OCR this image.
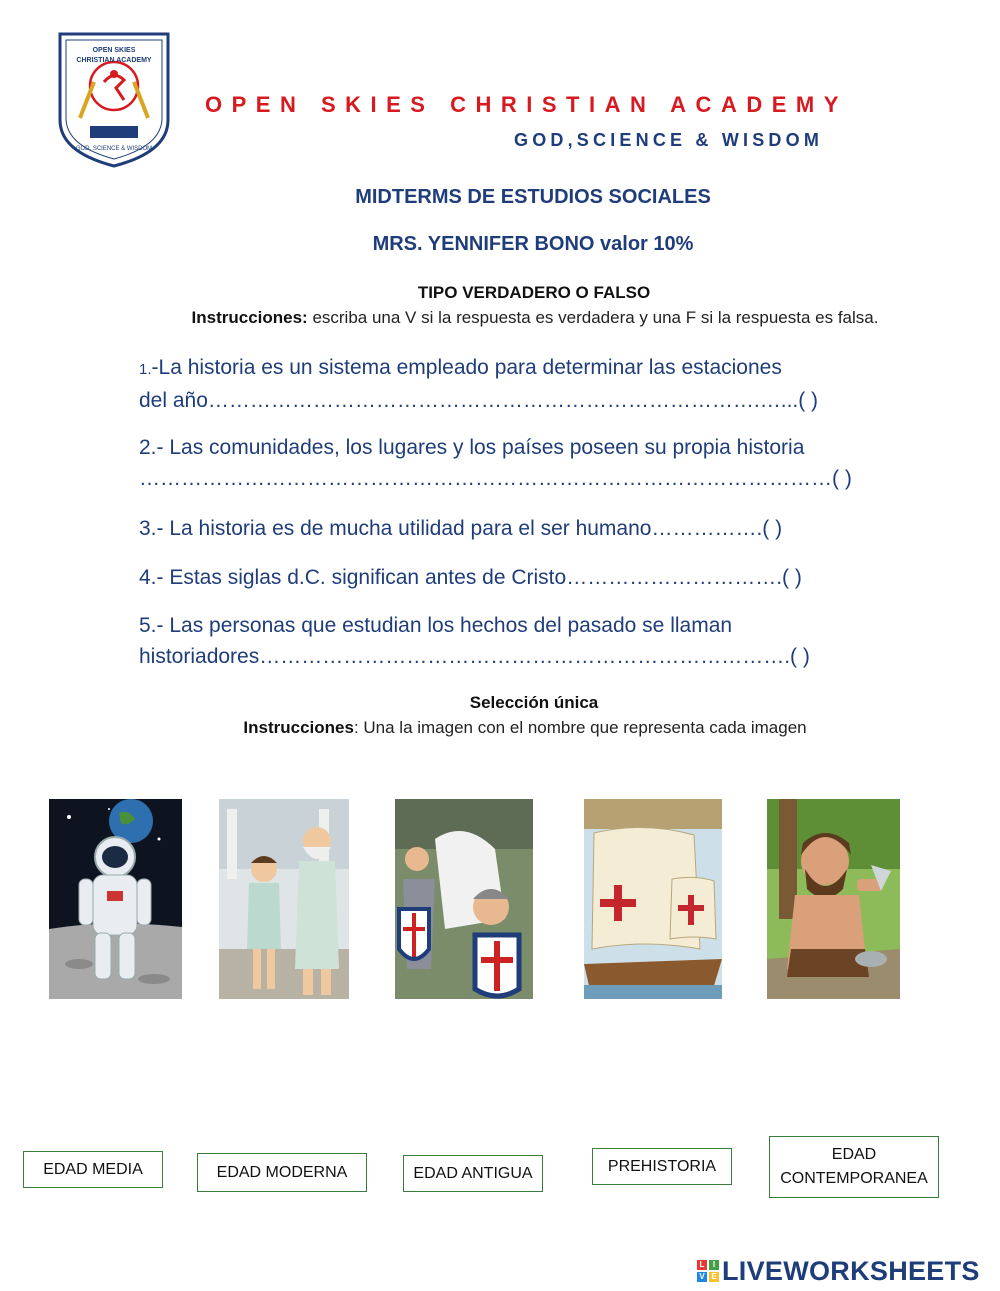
OPEN SKIES
CHRISTIAN ACADEMY
GOD, SCIENCE & WISDOM
OPEN SKIES CHRISTIAN ACADEMY
GOD,SCIENCE & WISDOM
MIDTERMS DE ESTUDIOS SOCIALES
MRS. YENNIFER BONO valor 10%
TIPO VERDADERO O FALSO
Instrucciones: escriba una V si la respuesta es verdadera y una F si la respuesta es falsa.
1.-La historia es un sistema empleado para determinar las estaciones
del año…………………………………………………………………….…...( )
2.- Las comunidades, los lugares y los países poseen su propia historia
………………………………………………………………………………………( )
3.- La historia es de mucha utilidad para el ser humano…………….( )
4.- Estas siglas d.C. significan antes de Cristo………………………….( )
5.- Las personas que estudian los hechos del pasado se llaman
historiadores………………………………………………………………….( )
Selección única
Instrucciones: Una la imagen con el nombre que representa cada imagen
EDAD MEDIA	EDAD MODERNA	EDAD ANTIGUA	PREHISTORIA
EDAD CONTEMPORANEA
L	I
V E LIVEWORKSHEETS
